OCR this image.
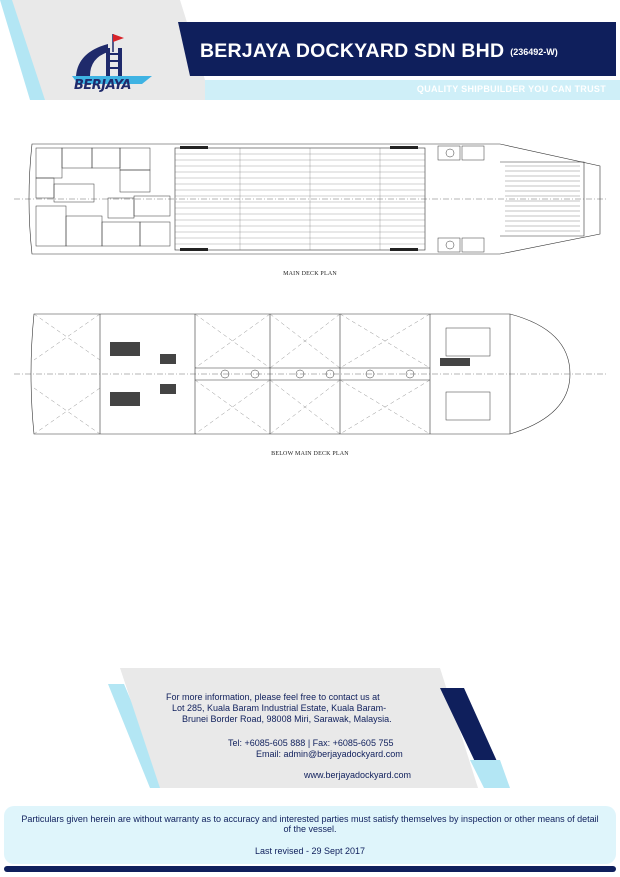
BERJAYA
BERJAYA DOCKYARD SDN BHD (236492-W)
QUALITY SHIPBUILDER YOU CAN TRUST
MAIN DECK PLAN
BELOW MAIN DECK PLAN
For more information, please feel free to contact us at
Lot 285, Kuala Baram Industrial Estate, Kuala Baram-
Brunei Border Road, 98008 Miri, Sarawak, Malaysia.
Tel: +6085-605 888 | Fax: +6085-605 755
Email: admin@berjayadockyard.com
www.berjayadockyard.com
Particulars given herein are without warranty as to accuracy and interested parties must satisfy themselves by inspection or other means of detail of the vessel.
Last revised - 29 Sept 2017
